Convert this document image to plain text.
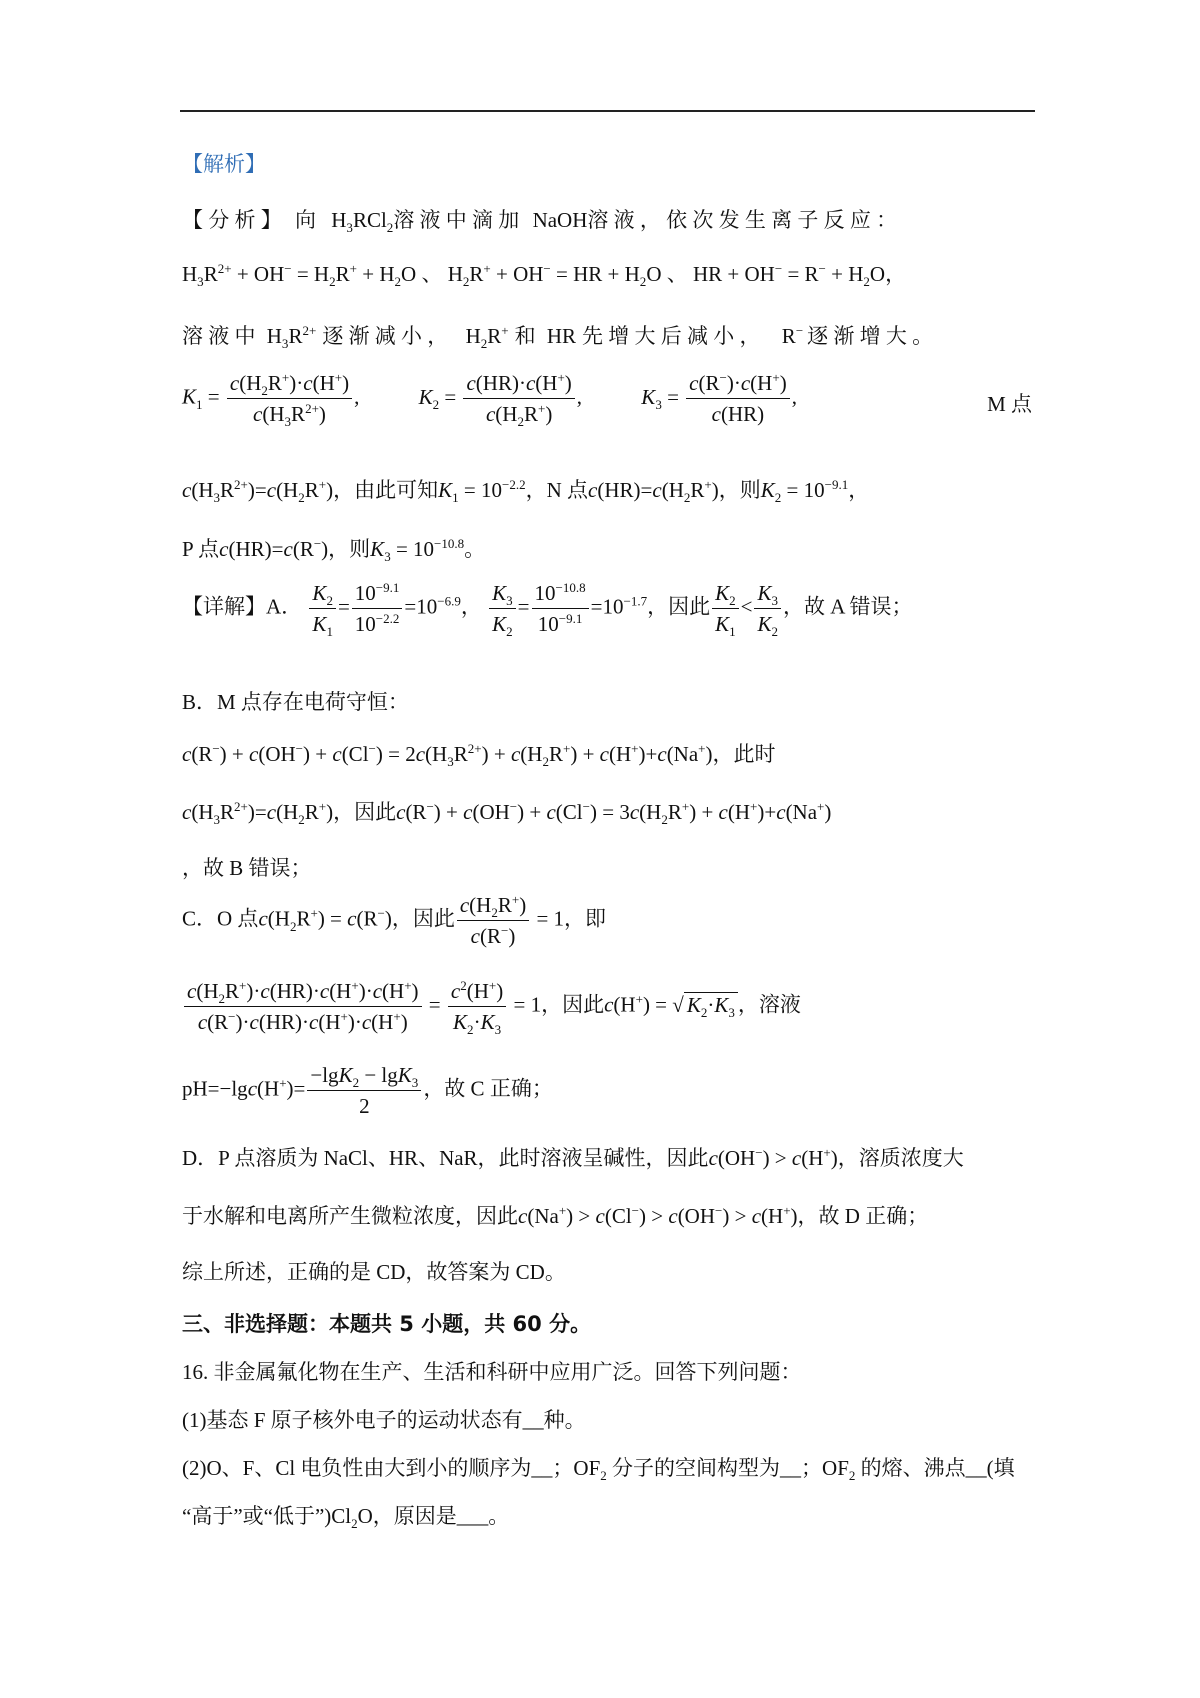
【解析】
【 分 析 】 向 $H_3RCl_2$溶 液 中 滴 加 NaOH溶 液 ， 依 次 发 生 离 子 反 应 ：
$H_3R^{2+} + OH^- = H_2R^+ + H_2O$ 、 $H_2R^+ + OH^-$ = HR + $H_2O$ 、 HR + $OH^- = R^- + H_2O$，
溶 液 中 $H_3R^{2+}$ 逐 渐 减 小 ， $H_2R^+$ 和 HR 先 增 大 后 减 小 ， R− 逐 渐 增 大 。
$K_1 = \frac{c(H_2R^+)\cdot c(H^+)}{c(H_3R^{2+})}$ ,	$K_2 = \frac{c(HR)\cdot c(H^+)}{c(H_2R^+)}$ ,	$K_3 = \frac{c(R^-)\cdot c(H^+)}{c(HR)}$ ,	M 点
$c(H_3R^{2+})=c(H_2R^+)$，由此可知$K_1 = 10^{-2.2}$，N 点$c(HR)=c(H_2R^+)$，则$K_2 = 10^{-9.1}$，
P 点c(HR)=c(R−)，则$K_3 = 10^{-10.8}$。
【详解】A． $\frac{K_2}{K_1} = \frac{10^{-9.1}}{10^{-2.2}} =10^{-6.9}$， $\frac{K_3}{K_2} = \frac{10^{-10.8}}{10^{-9.1}} =10^{-1.7}$，因此 $\frac{K_2}{K_1} < \frac{K_3}{K_2}$ ，故 A 错误；
B．M 点存在电荷守恒：
$c(R^-) + c(OH^-) + c(Cl^-) = 2c(H_3R^{2+}) + c(H_2R^+) + c(H^+)+c(Na^+)$，此时
$c(H_3R^{2+})=c(H_2R^+)$，因此$c(R^-) + c(OH^-) + c(Cl^-) = 3c(H_2R^+) + c(H^+)+c(Na^+)$
，故 B 错误；
C．O 点$c(H_2R^+) = c(R^-)$，因此 $\frac{c(H_2R^+)}{c(R^-)} = 1$，即
$\frac{c(H_2R^+)\cdot c(HR)\cdot c(H^+)\cdot c(H^+)}{c(R^-)\cdot c(HR)\cdot c(H^+)\cdot c(H^+)} = \frac{c^2(H^+)}{K_2\cdot K_3} = 1$，因此c(H+) = √ $K_2\cdot K_3$ ，溶液
$pH=-\lg c(H^+)= \frac{-\lg K_2 - \lg K_3}{2}$ ，故 C 正确；
D．P 点溶质为 NaCl、HR、NaR，此时溶液呈碱性，因此c(OH−) > c(H+)，溶质浓度大
于水解和电离所产生微粒浓度，因此c(Na+) > c(Cl−) > c(OH−) > c(H+)，故 D 正确；
综上所述，正确的是 CD，故答案为 CD。
三、非选择题：本题共 5 小题，共 60 分。
16. 非金属氟化物在生产、生活和科研中应用广泛。回答下列问题：
(1)基态 F 原子核外电子的运动状态有__种。
(2)O、F、Cl 电负性由大到小的顺序为__；$OF_2$ 分子的空间构型为__；$OF_2$ 的熔、沸点__(填
“高于”或“低于$”)Cl_2O$，原因是___。
